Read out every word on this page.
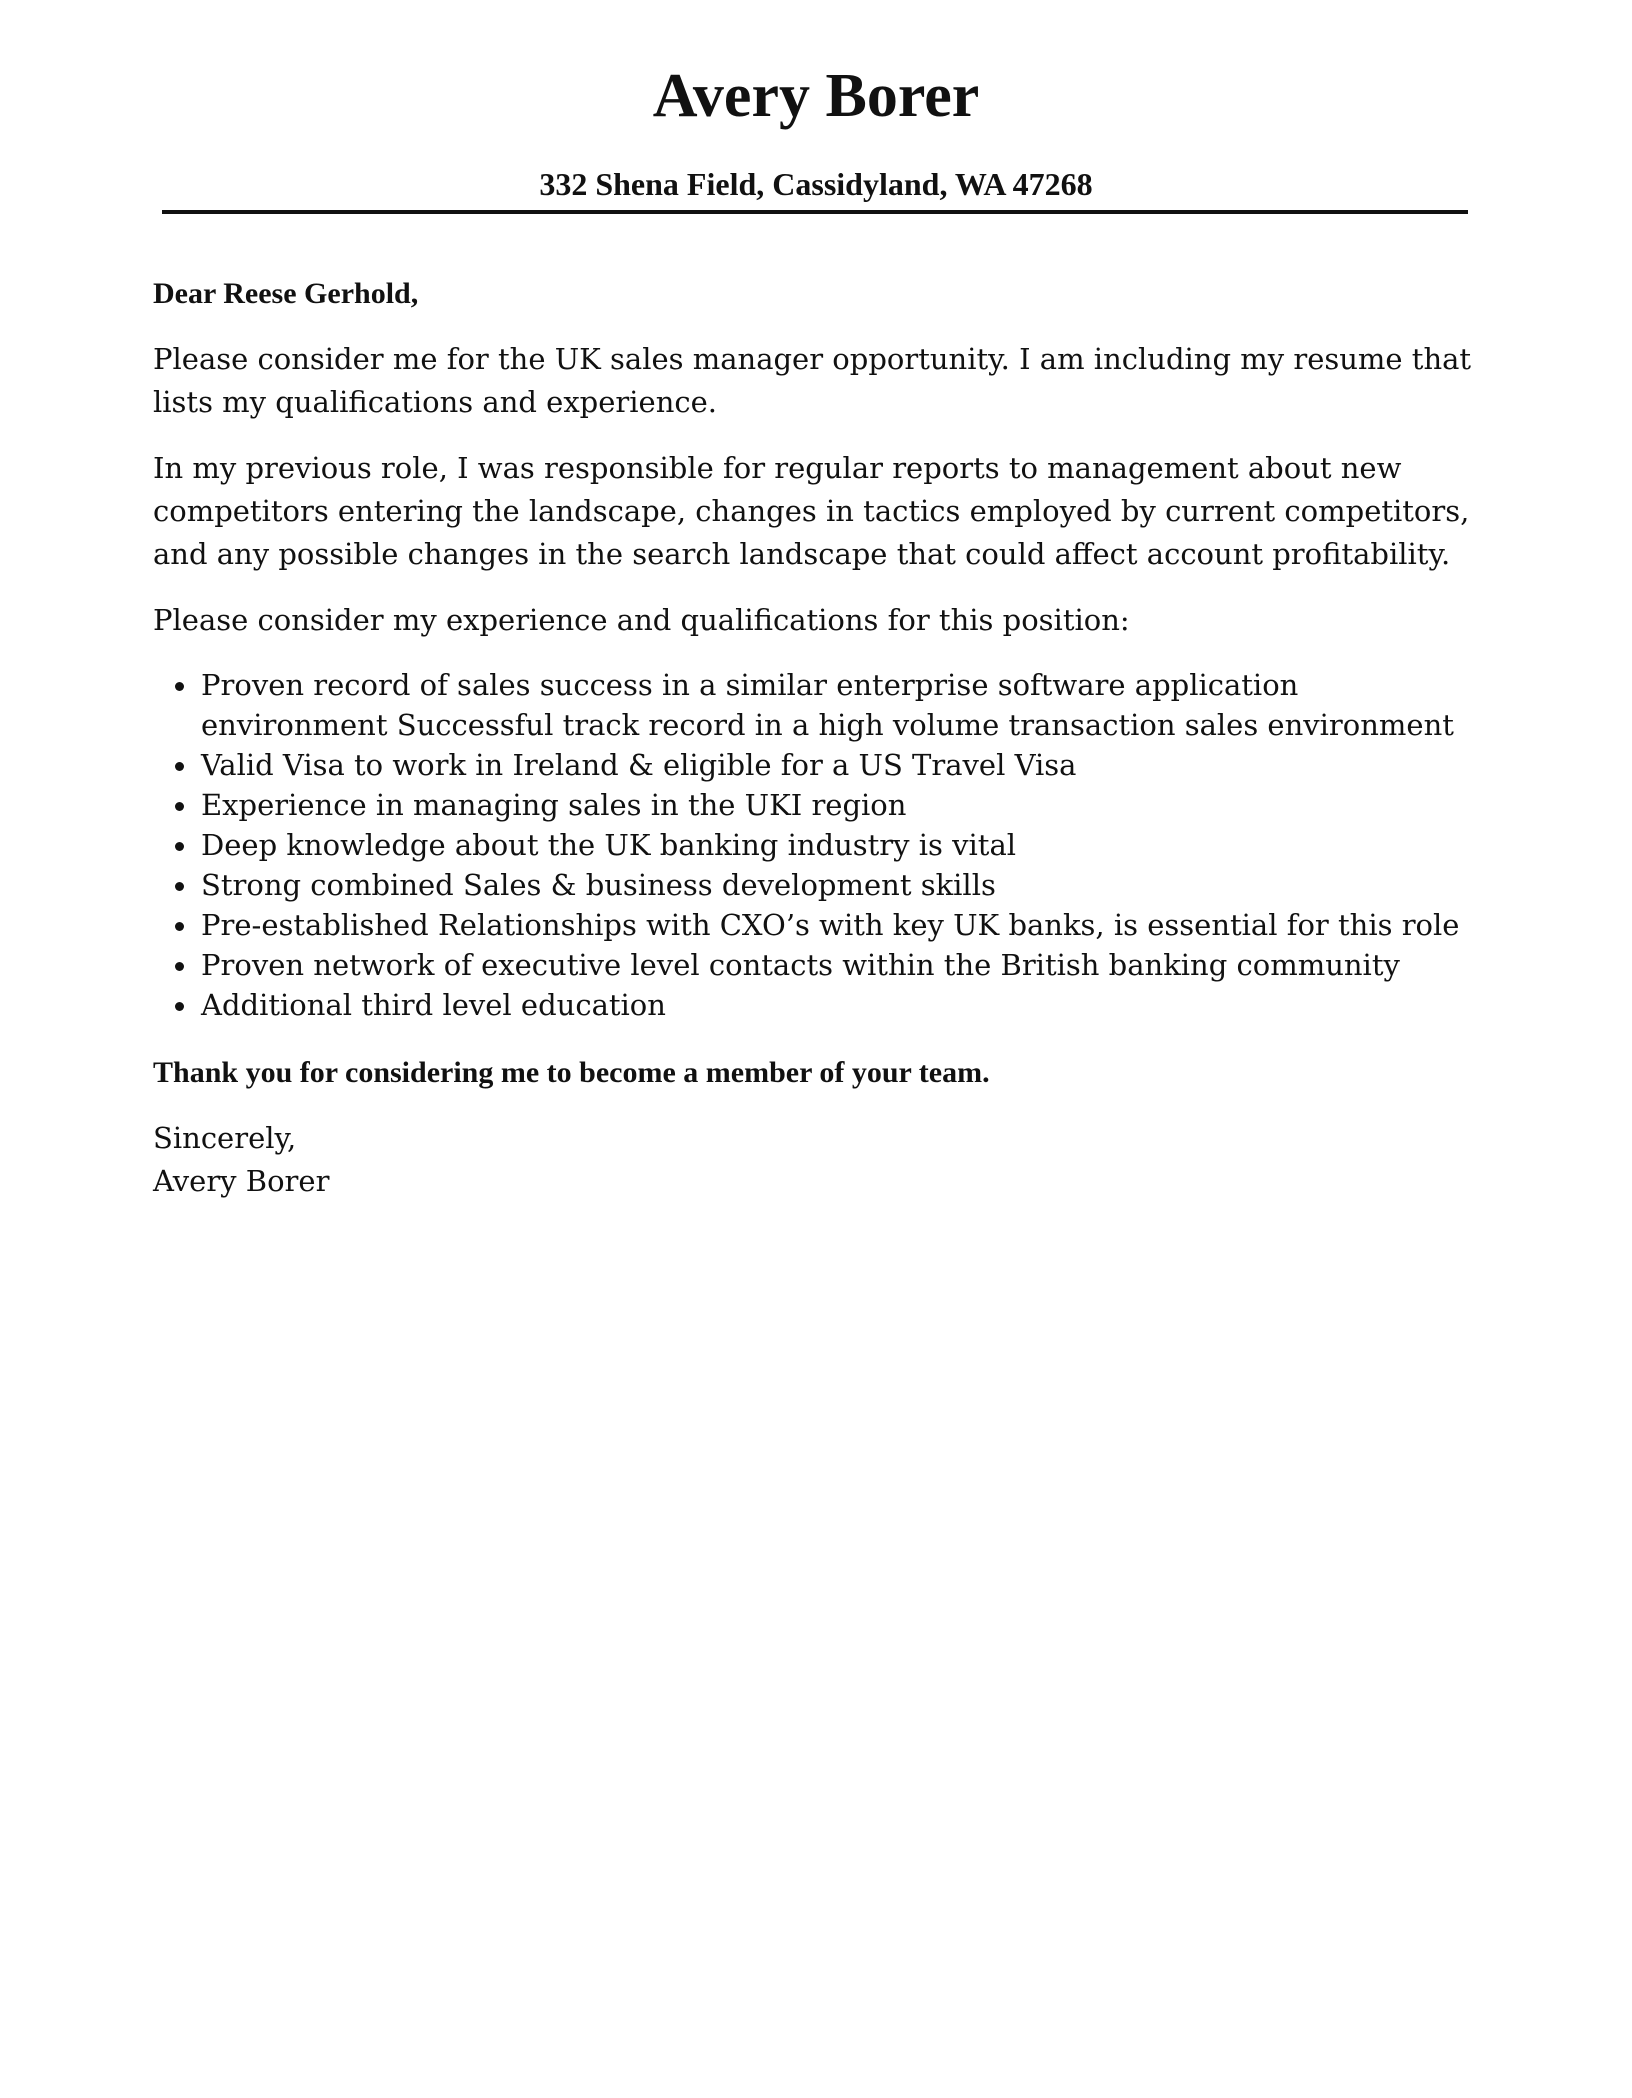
Avery Borer
332 Shena Field, Cassidyland, WA 47268

Dear Reese Gerhold,

Please consider me for the UK sales manager opportunity. I am including my resume that lists my qualifications and experience.

In my previous role, I was responsible for regular reports to management about new competitors entering the landscape, changes in tactics employed by current competitors, and any possible changes in the search landscape that could affect account profitability.

Please consider my experience and qualifications for this position:

Proven record of sales success in a similar enterprise software application environment Successful track record in a high volume transaction sales environment
Valid Visa to work in Ireland & eligible for a US Travel Visa
Experience in managing sales in the UKI region
Deep knowledge about the UK banking industry is vital
Strong combined Sales & business development skills
Pre-established Relationships with CXO’s with key UK banks, is essential for this role
Proven network of executive level contacts within the British banking community
Additional third level education

Thank you for considering me to become a member of your team.

Sincerely,

Avery Borer
